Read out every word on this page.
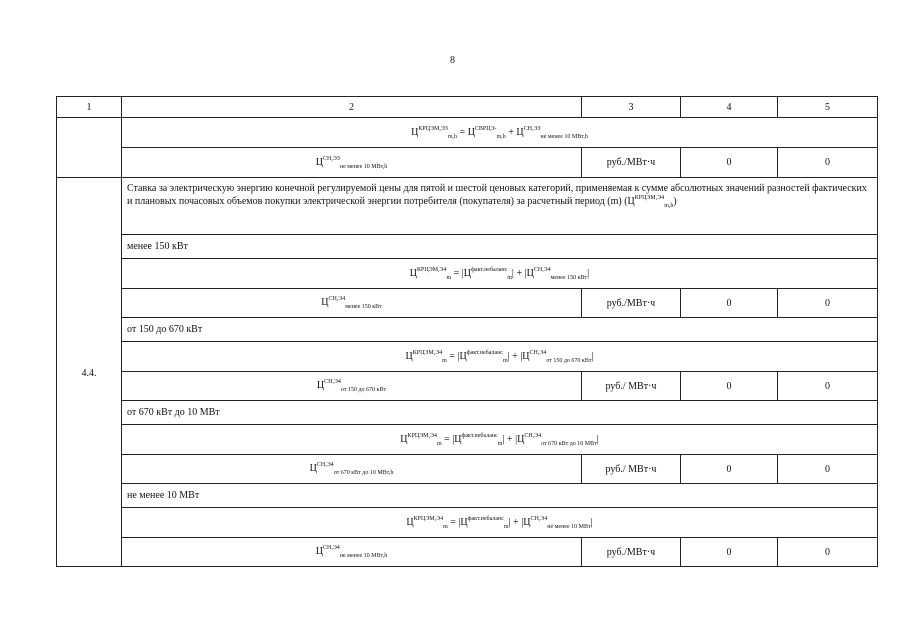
8
1	2	3	4	5
	$Ц^{КРЦЭМ,ЭЗ}_{m,h} = Ц^{СВРЦЭ-}_{m,h} + Ц^{СН,ЭЗ}_{не менее 10 МВт,h}$
	$Ц^{СН,ЭЗ}_{не менее 10 МВт,h}$	руб./МВт·ч	0	0
4.4.	Ставка за электрическую энергию конечной регулируемой цены для пятой и шестой ценовых категорий, применяемая к сумме абсолютных значений разностей фактических и плановых почасовых объемов покупки электрической энергии потребителя (покупателя) за расчетный период (m) $(Ц^{КРЦЭМ,Э4}_{m,h})$			
	менее 150 кВт			
	$Ц^{КРЦЭМ,Э4}_m = |Ц^{факт.небаланс}_m| + |Ц^{СН,Э4}_{менее 150 кВт}|$			
	$Ц^{СН,Э4}_{менее 150 кВт}$	руб./МВт·ч	0	0
	от 150 до 670 кВт			
	$Ц^{КРЦЭМ,Э4}_m = |Ц^{факт.небаланс}_m| + |Ц^{СН,Э4}_{от 150 до 670 кВт}|$			
	$Ц^{СН,Э4}_{от 150 до 670 кВт}$	руб./ МВт·ч	0	0
	от 670 кВт до 10 МВт			
	$Ц^{КРЦЭМ,Э4}_m = |Ц^{факт.небаланс}_m| + |Ц^{СН,Э4}_{от 670 кВт до 10 МВт}|$			
	$Ц^{СН,Э4}_{от 670 кВт до 10 МВт,h}$	руб./ МВт·ч	0	0
	не менее 10 МВт			
	$Ц^{КРЦЭМ,Э4}_m = |Ц^{факт.небаланс}_m| + |Ц^{СН,Э4}_{не менее 10 МВт}|$			
	$Ц^{СН,Э4}_{не менее 10 МВт,h}$	руб./МВт·ч	0	0
